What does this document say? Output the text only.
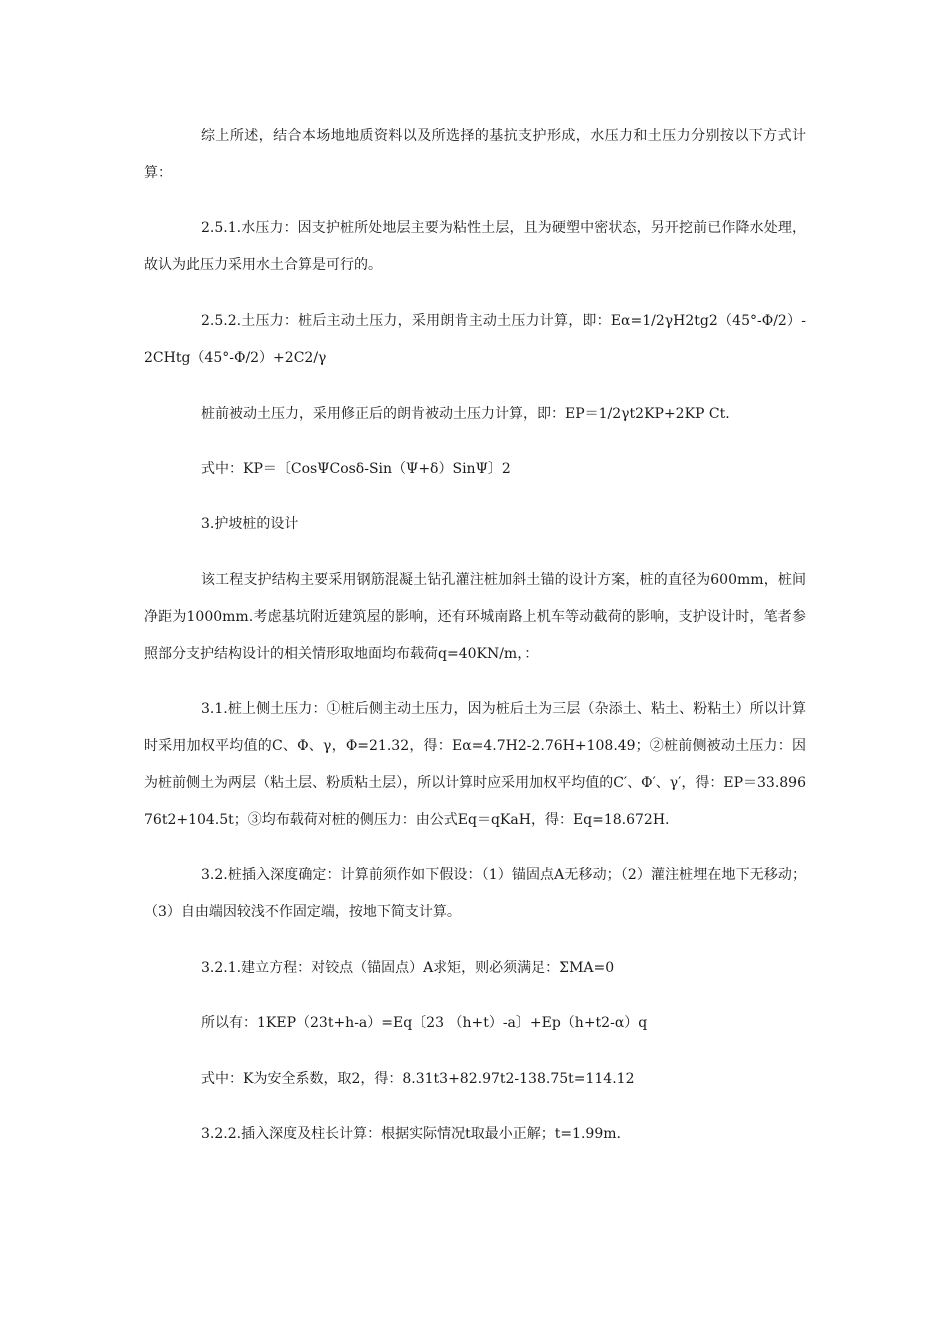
综上所述，结合本场地地质资料以及所选择的基抗支护形成，水压力和土压力分别按以下方式计算：

2.5.1.水压力：因支护桩所处地层主要为粘性土层，且为硬塑中密状态，另开挖前已作降水处理，故认为此压力采用水土合算是可行的。

2.5.2.土压力：桩后主动土压力，采用朗肯主动土压力计算，即：Eα=1/2γH2tg2（45°-Φ/2）-2CHtg（45°-Φ/2）+2C2/γ

桩前被动土压力，采用修正后的朗肯被动土压力计算，即：EP＝1/2γt2KP+2KP Ct.

式中：KP＝〔CosΨCosδ-Sin（Ψ+δ）SinΨ〕2

3.护坡桩的设计

该工程支护结构主要采用钢筋混凝土钻孔灌注桩加斜土锚的设计方案，桩的直径为600mm，桩间净距为1000mm.考虑基坑附近建筑屋的影响，还有环城南路上机车等动截荷的影响，支护设计时，笔者参照部分支护结构设计的相关情形取地面均布载荷q=40KN/m，：

3.1.桩上侧土压力：①桩后侧主动土压力，因为桩后土为三层（杂添土、粘土、粉粘土）所以计算时采用加权平均值的C、Φ、γ，Φ=21.32，得：Eα=4.7H2-2.76H+108.49；②桩前侧被动土压力：因为桩前侧土为两层（粘土层、粉质粘土层），所以计算时应采用加权平均值的C′、Φ′、γ′，得：EP＝33.89676t2+104.5t；③均布载荷对桩的侧压力：由公式Eq＝qKaH，得：Eq=18.672H.

3.2.桩插入深度确定：计算前须作如下假设：（1）锚固点A无移动；（2）灌注桩埋在地下无移动；（3）自由端因较浅不作固定端，按地下简支计算。

3.2.1.建立方程：对铰点（锚固点）A求矩，则必须满足：ΣMA=0

所以有：1KEP（23t+h-a）=Eq〔23 （h+t）-a〕+Ep（h+t2-α）q

式中：K为安全系数，取2，得：8.31t3+82.97t2-138.75t=114.12

3.2.2.插入深度及柱长计算：根据实际情况t取最小正解；t=1.99m.
